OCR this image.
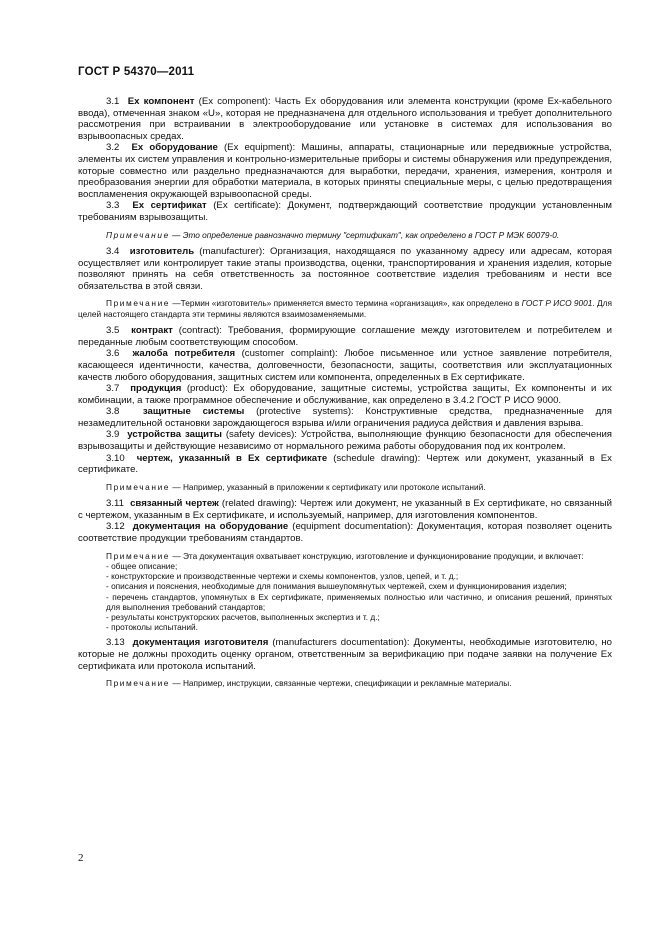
ГОСТ Р 54370—2011

3.1 Ex компонент (Ex component): Часть Ex оборудования или элемента конструкции (кроме Ex-кабельного ввода), отмеченная знаком «U», которая не предназначена для отдельного использования и требует дополнительного рассмотрения при встраивании в электрооборудование или установке в системах для использования во взрывоопасных средах.

3.2 Ex оборудование (Ex equipment): Машины, аппараты, стационарные или передвижные устройства, элементы их систем управления и контрольно-измерительные приборы и системы обнаружения или предупреждения, которые совместно или раздельно предназначаются для выработки, передачи, хранения, измерения, контроля и преобразования энергии для обработки материала, в которых приняты специальные меры, с целью предотвращения воспламенения окружающей взрывоопасной среды.

3.3 Ex сертификат (Ex certificate): Документ, подтверждающий соответствие продукции установленным требованиям взрывозащиты.

Примечание — Это определение равнозначно термину "сертификат", как определено в ГОСТ Р МЭК 60079-0.

3.4 изготовитель (manufacturer): Организация, находящаяся по указанному адресу или адресам, которая осуществляет или контролирует такие этапы производства, оценки, транспортирования и хранения изделия, которые позволяют принять на себя ответственность за постоянное соответствие изделия требованиям и нести все обязательства в этой связи.

Примечание —Термин «изготовитель» применяется вместо термина «организация», как определено в ГОСТ Р ИСО 9001. Для целей настоящего стандарта эти термины являются взаимозаменяемыми.

3.5 контракт (contract): Требования, формирующие соглашение между изготовителем и потребителем и переданные любым соответствующим способом.

3.6 жалоба потребителя (customer complaint): Любое письменное или устное заявление потребителя, касающееся идентичности, качества, долговечности, безопасности, защиты, соответствия или эксплуатационных качеств любого оборудования, защитных систем или компонента, определенных в Ex сертификате.

3.7 продукция (product): Ex оборудование, защитные системы, устройства защиты, Ex компоненты и их комбинации, а также программное обеспечение и обслуживание, как определено в 3.4.2 ГОСТ Р ИСО 9000.

3.8 защитные системы (protective systems): Конструктивные средства, предназначенные для незамедлительной остановки зарождающегося взрыва и/или ограничения радиуса действия и давления взрыва.

3.9 устройства защиты (safety devices): Устройства, выполняющие функцию безопасности для обеспечения взрывозащиты и действующие независимо от нормального режима работы оборудования под их контролем.

3.10 чертеж, указанный в Ex сертификате (schedule drawing): Чертеж или документ, указанный в Ex сертификате.

Примечание — Например, указанный в приложении к сертификату или протоколе испытаний.

3.11 связанный чертеж (related drawing): Чертеж или документ, не указанный в Ex сертификате, но связанный с чертежом, указанным в Ex сертификате, и используемый, например, для изготовления компонентов.

3.12 документация на оборудование (equipment documentation): Документация, которая позволяет оценить соответствие продукции требованиям стандартов.

Примечание — Эта документация охватывает конструкцию, изготовление и функционирование продукции, и включает:

- общее описание;

- конструкторские и производственные чертежи и схемы компонентов, узлов, цепей, и т. д.;

- описания и пояснения, необходимые для понимания вышеупомянутых чертежей, схем и функционирования изделия;

- перечень стандартов, упомянутых в Ex сертификате, применяемых полностью или частично, и описания решений, принятых для выполнения требований стандартов;

- результаты конструкторских расчетов, выполненных экспертиз и т. д.;

- протоколы испытаний.

3.13 документация изготовителя (manufacturers documentation): Документы, необходимые изготовителю, но которые не должны проходить оценку органом, ответственным за верификацию при подаче заявки на получение Ex сертификата или протокола испытаний.

Примечание — Например, инструкции, связанные чертежи, спецификации и рекламные материалы.

2
